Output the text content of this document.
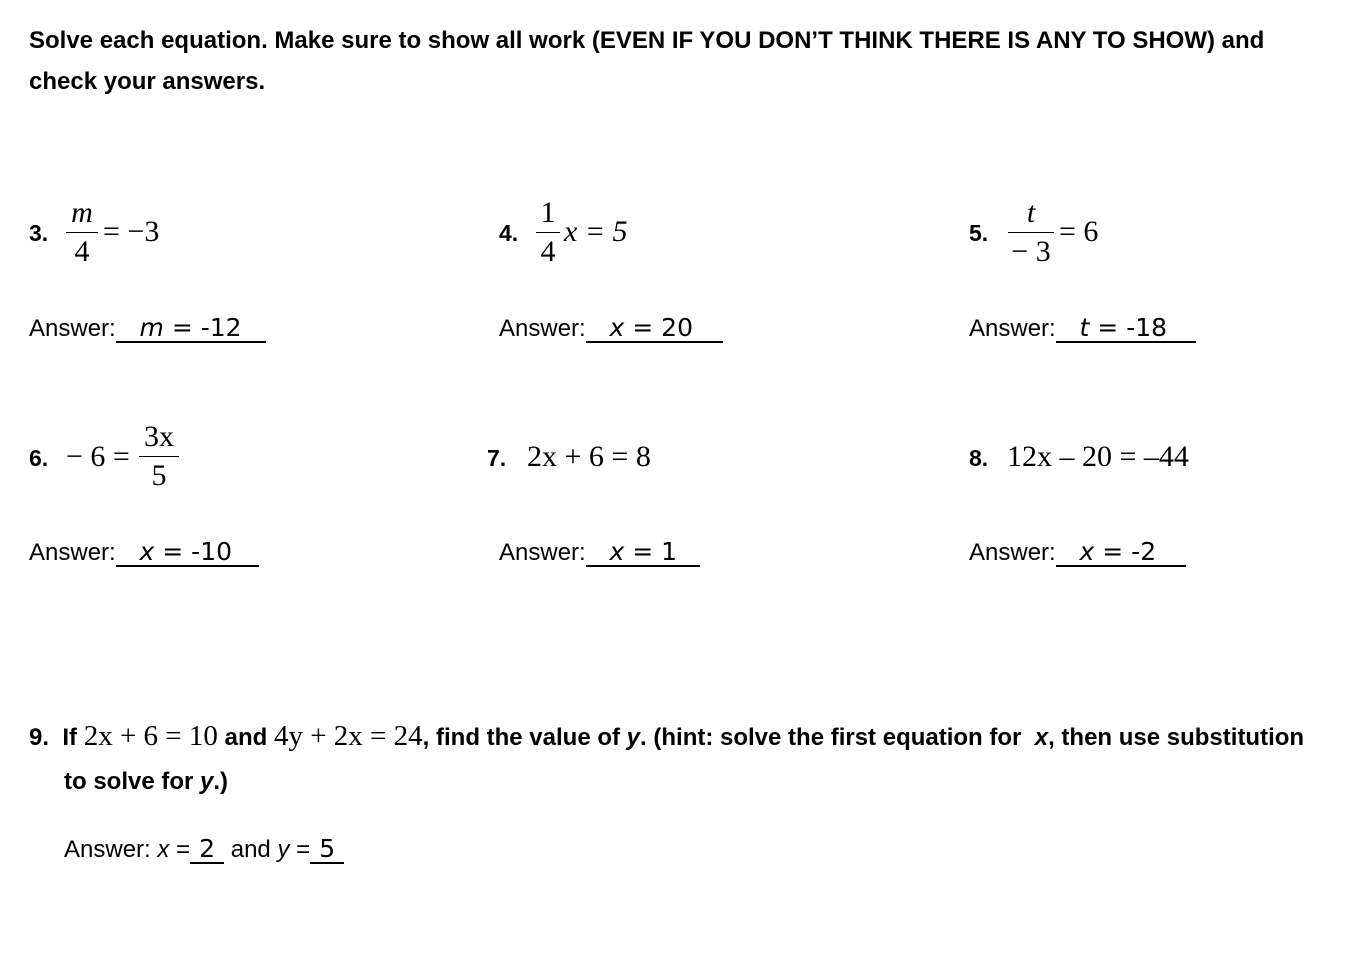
Solve each equation. Make sure to show all work (EVEN IF YOU DON’T THINK THERE IS ANY TO SHOW) and check your answers.
3.
m
4
= −3
Answer: m = -12
4.
1
4
x = 5
Answer: x = 20
5.
t
− 3
= 6
Answer: t = -18
6. − 6 =
3x
5
Answer: x = -10
7. 2x + 6 = 8
Answer: x = 1
8. 12x – 20 = –44
Answer: x = -2
9. If 2x + 6 = 10 and 4y + 2x = 24, find the value of y. (hint: solve the first equation for x, then use substitution to solve for y.)
Answer: x = 2 and y = 5
